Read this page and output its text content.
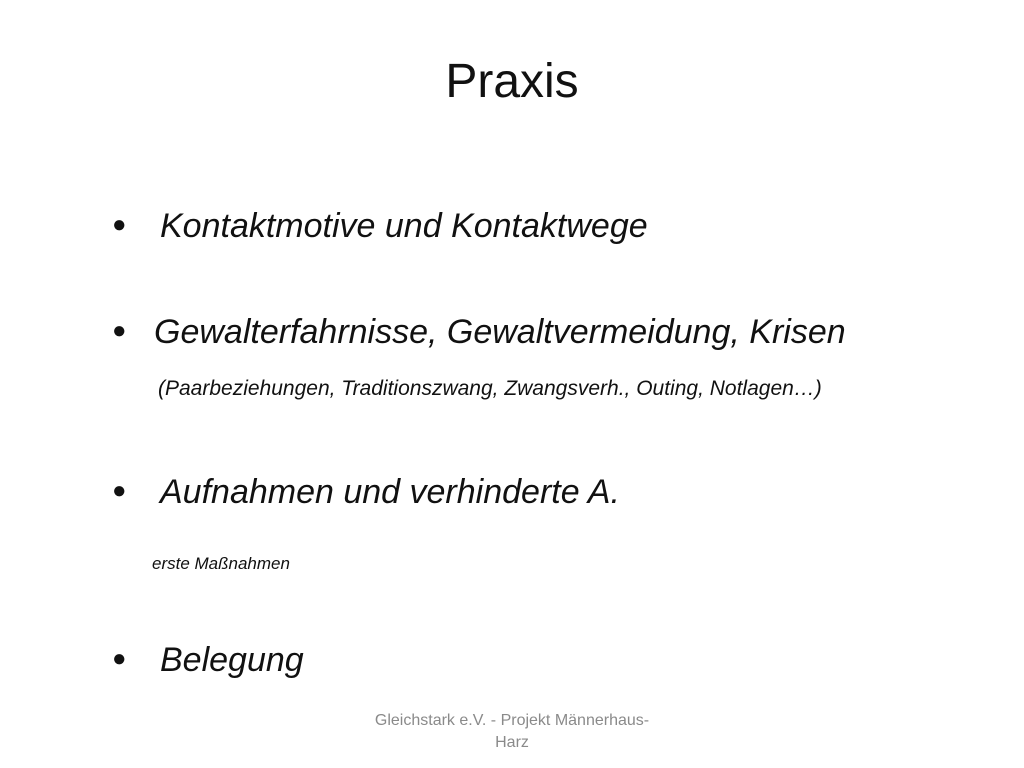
Praxis
● Kontaktmotive und Kontaktwege
● Gewalterfahrnisse, Gewaltvermeidung, Krisen
(Paarbeziehungen, Traditionszwang, Zwangsverh., Outing, Notlagen…)
● Aufnahmen und verhinderte A.
erste Maßnahmen
● Belegung
Gleichstark e.V. - Projekt Männerhaus-Harz
